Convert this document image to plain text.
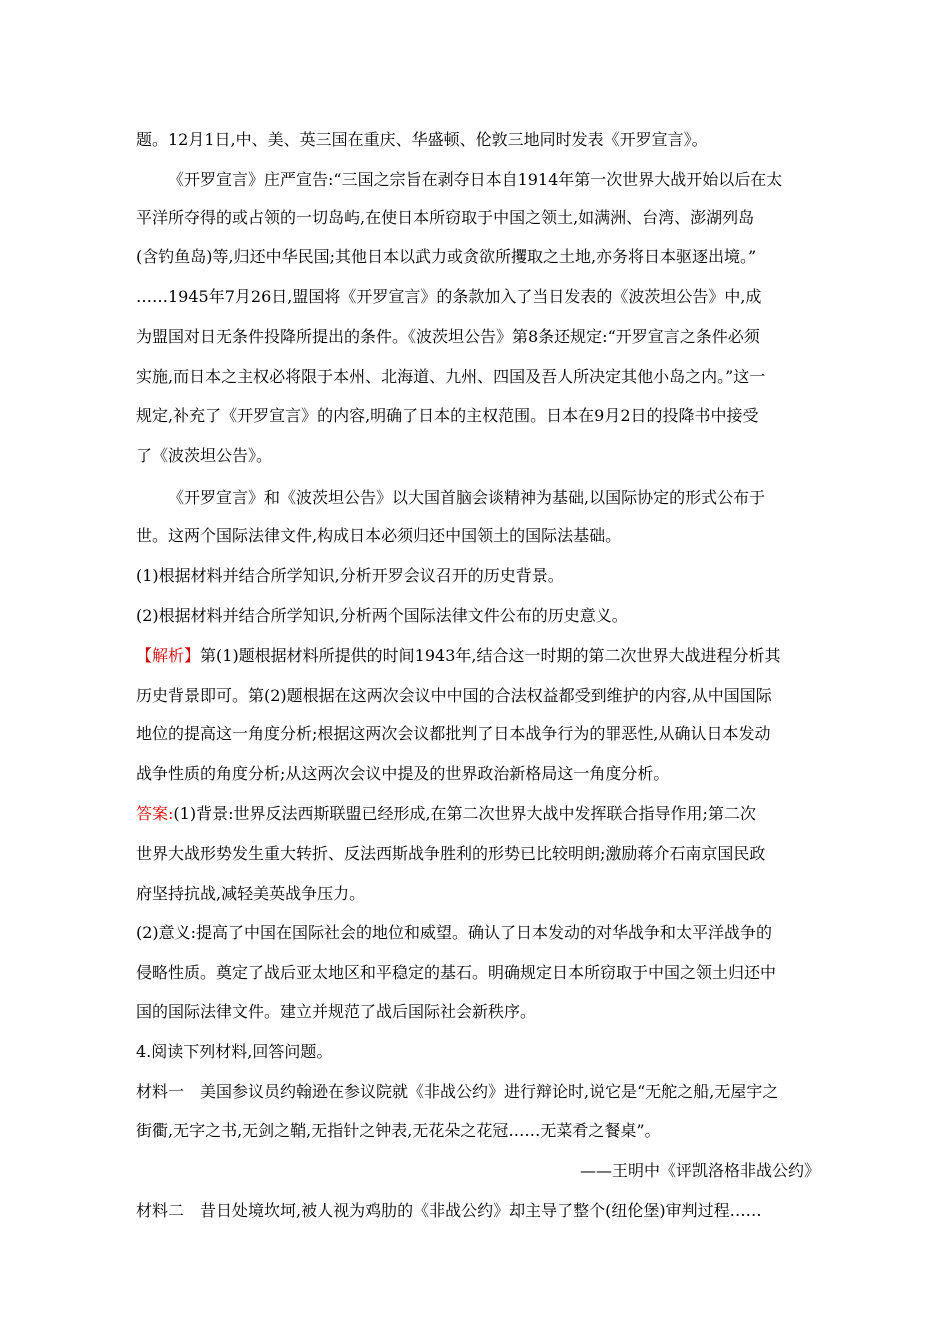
题。12月1日,中、美、英三国在重庆、华盛顿、伦敦三地同时发表《开罗宣言》。
《开罗宣言》庄严宣告:“三国之宗旨在剥夺日本自1914年第一次世界大战开始以后在太
平洋所夺得的或占领的一切岛屿,在使日本所窃取于中国之领土,如满洲、台湾、澎湖列岛
(含钓鱼岛)等,归还中华民国;其他日本以武力或贪欲所攫取之土地,亦务将日本驱逐出境。”
……1945年7月26日,盟国将《开罗宣言》的条款加入了当日发表的《波茨坦公告》中,成
为盟国对日无条件投降所提出的条件。《波茨坦公告》第8条还规定:“开罗宣言之条件必须
实施,而日本之主权必将限于本州、北海道、九州、四国及吾人所决定其他小岛之内。”这一
规定,补充了《开罗宣言》的内容,明确了日本的主权范围。日本在9月2日的投降书中接受
了《波茨坦公告》。
《开罗宣言》和《波茨坦公告》以大国首脑会谈精神为基础,以国际协定的形式公布于
世。这两个国际法律文件,构成日本必须归还中国领土的国际法基础。
(1)根据材料并结合所学知识,分析开罗会议召开的历史背景。
(2)根据材料并结合所学知识,分析两个国际法律文件公布的历史意义。
【解析】第(1)题根据材料所提供的时间1943年,结合这一时期的第二次世界大战进程分析其
历史背景即可。第(2)题根据在这两次会议中中国的合法权益都受到维护的内容,从中国国际
地位的提高这一角度分析;根据这两次会议都批判了日本战争行为的罪恶性,从确认日本发动
战争性质的角度分析;从这两次会议中提及的世界政治新格局这一角度分析。
答案:(1)背景:世界反法西斯联盟已经形成,在第二次世界大战中发挥联合指导作用;第二次
世界大战形势发生重大转折、反法西斯战争胜利的形势已比较明朗;激励蒋介石南京国民政
府坚持抗战,减轻美英战争压力。
(2)意义:提高了中国在国际社会的地位和威望。确认了日本发动的对华战争和太平洋战争的
侵略性质。奠定了战后亚太地区和平稳定的基石。明确规定日本所窃取于中国之领土归还中
国的国际法律文件。建立并规范了战后国际社会新秩序。
4.阅读下列材料,回答问题。
材料一 美国参议员约翰逊在参议院就《非战公约》进行辩论时,说它是“无舵之船,无屋宇之
街衢,无字之书,无剑之鞘,无指针之钟表,无花朵之花冠……无菜肴之餐桌”。
——王明中《评凯洛格非战公约》
材料二 昔日处境坎坷,被人视为鸡肋的《非战公约》却主导了整个(纽伦堡)审判过程……
